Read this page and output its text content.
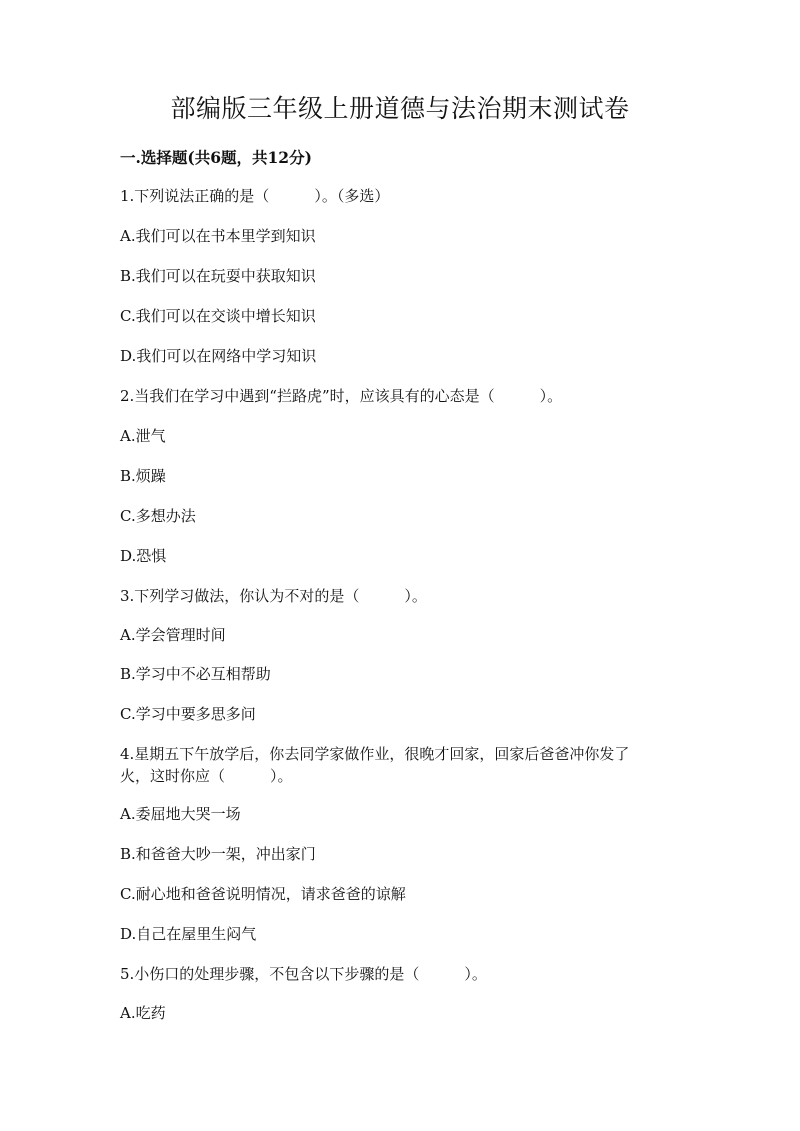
部编版三年级上册道德与法治期末测试卷
一.选择题(共6题，共12分)

1.下列说法正确的是（　　　）。（多选）

A.我们可以在书本里学到知识

B.我们可以在玩耍中获取知识

C.我们可以在交谈中增长知识

D.我们可以在网络中学习知识

2.当我们在学习中遇到“拦路虎”时，应该具有的心态是（　　　）。

A.泄气

B.烦躁

C.多想办法

D.恐惧

3.下列学习做法，你认为不对的是（　　　）。

A.学会管理时间

B.学习中不必互相帮助

C.学习中要多思多问

4.星期五下午放学后，你去同学家做作业，很晚才回家，回家后爸爸冲你发了

火，这时你应（　　　）。

A.委屈地大哭一场

B.和爸爸大吵一架，冲出家门

C.耐心地和爸爸说明情况，请求爸爸的谅解

D.自己在屋里生闷气

5.小伤口的处理步骤，不包含以下步骤的是（　　　）。

A.吃药
